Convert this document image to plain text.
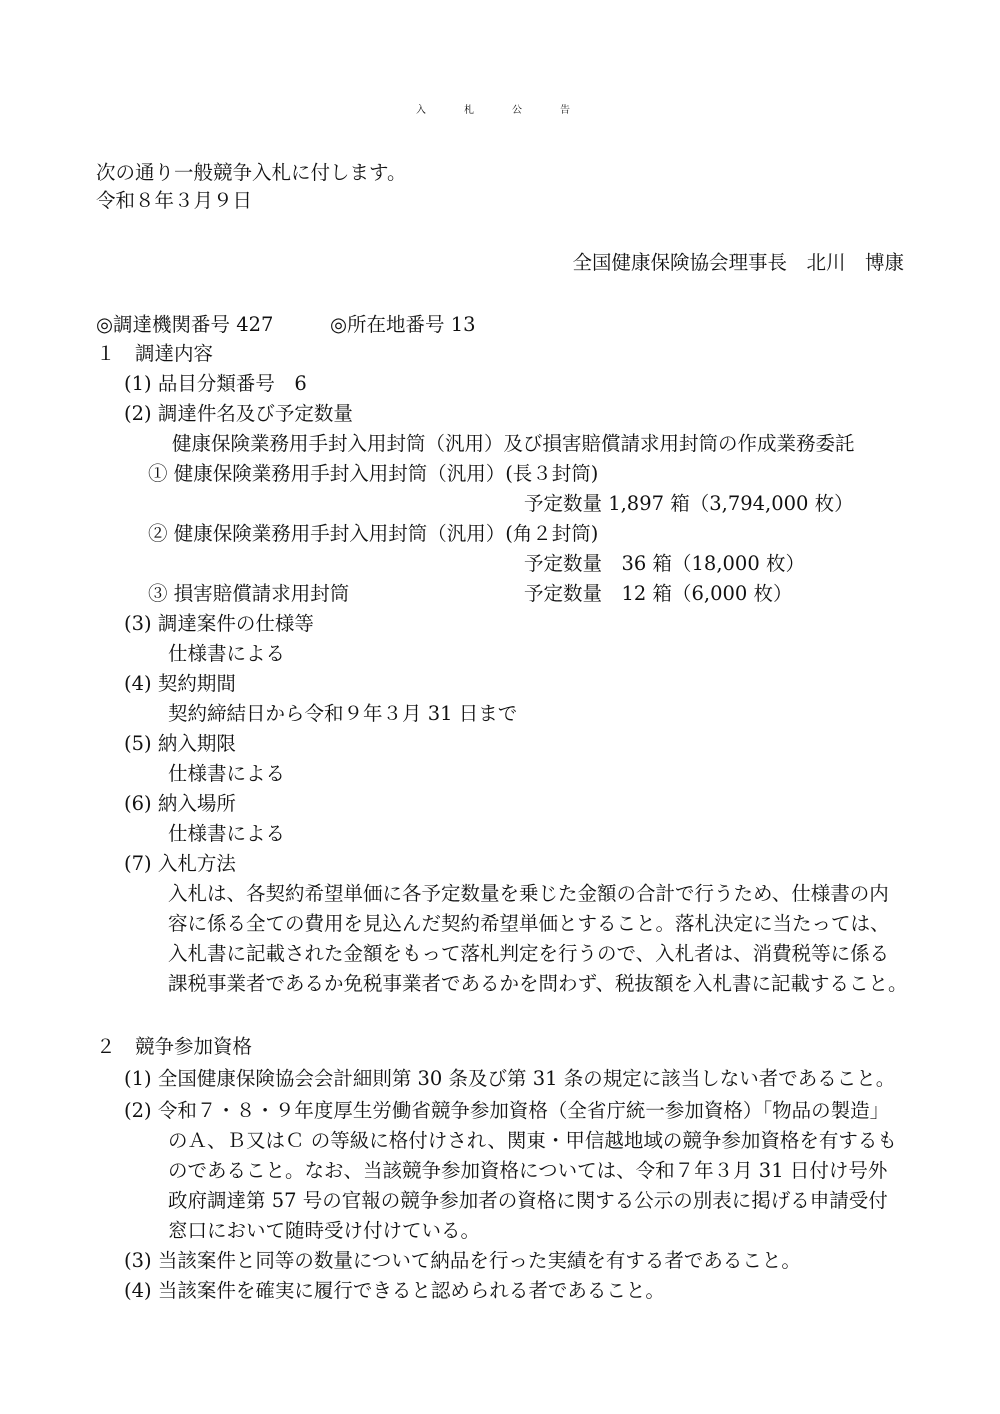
入　札　公　告
次の通り一般競争入札に付します。
令和８年３月９日
全国健康保険協会理事長　北川　博康
◎調達機関番号 427	◎所在地番号 13
１　調達内容
(1) 品目分類番号　6
(2) 調達件名及び予定数量
健康保険業務用手封入用封筒（汎用）及び損害賠償請求用封筒の作成業務委託
① 健康保険業務用手封入用封筒（汎用）(長３封筒)
予定数量 1,897 箱（3,794,000 枚）
② 健康保険業務用手封入用封筒（汎用）(角２封筒)
予定数量　36 箱（18,000 枚）
③ 損害賠償請求用封筒	予定数量　12 箱（6,000 枚）
(3) 調達案件の仕様等
仕様書による
(4) 契約期間
契約締結日から令和９年３月 31 日まで
(5) 納入期限
仕様書による
(6) 納入場所
仕様書による
(7) 入札方法
入札は、各契約希望単価に各予定数量を乗じた金額の合計で行うため、仕様書の内
容に係る全ての費用を見込んだ契約希望単価とすること。落札決定に当たっては、
入札書に記載された金額をもって落札判定を行うので、入札者は、消費税等に係る
課税事業者であるか免税事業者であるかを問わず、税抜額を入札書に記載すること。
２　競争参加資格
(1) 全国健康保険協会会計細則第 30 条及び第 31 条の規定に該当しない者であること。
(2) 令和７・８・９年度厚生労働省競争参加資格（全省庁統一参加資格）「物品の製造」
のＡ、Ｂ又はＣ の等級に格付けされ、関東・甲信越地域の競争参加資格を有するも
のであること。なお、当該競争参加資格については、令和７年３月 31 日付け号外
政府調達第 57 号の官報の競争参加者の資格に関する公示の別表に掲げる申請受付
窓口において随時受け付けている。
(3) 当該案件と同等の数量について納品を行った実績を有する者であること。
(4) 当該案件を確実に履行できると認められる者であること。
